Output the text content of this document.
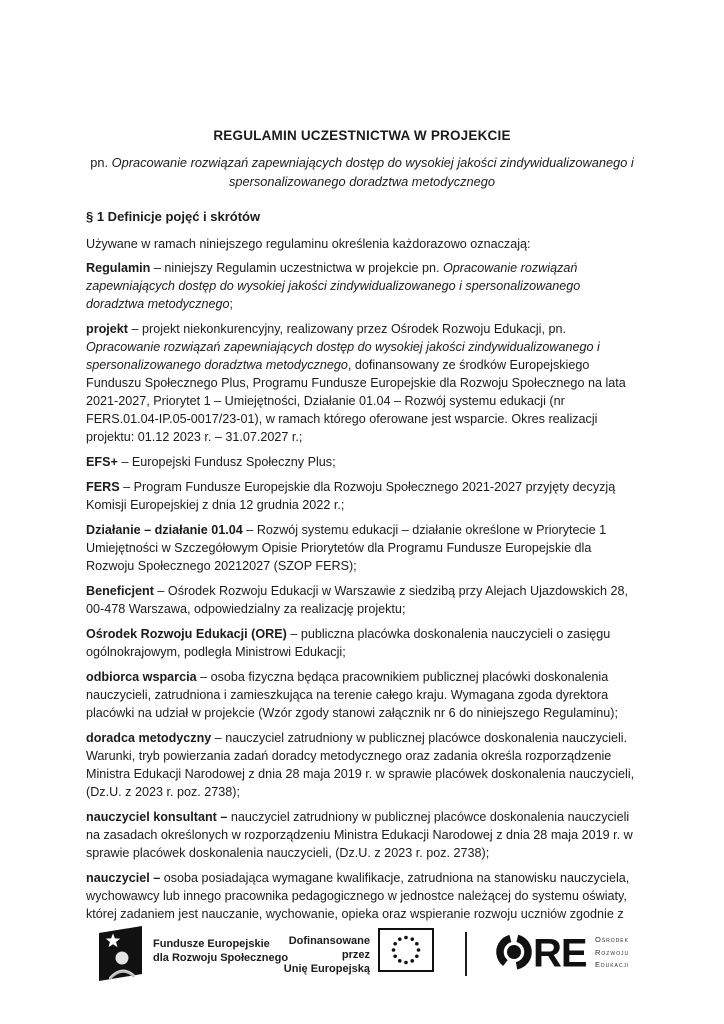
REGULAMIN UCZESTNICTWA W PROJEKCIE

pn. Opracowanie rozwiązań zapewniających dostęp do wysokiej jakości zindywidualizowanego i spersonalizowanego doradztwa metodycznego

§ 1 Definicje pojęć i skrótów

Używane w ramach niniejszego regulaminu określenia każdorazowo oznaczają:

Regulamin – niniejszy Regulamin uczestnictwa w projekcie pn. Opracowanie rozwiązań zapewniających dostęp do wysokiej jakości zindywidualizowanego i spersonalizowanego doradztwa metodycznego;

projekt – projekt niekonkurencyjny, realizowany przez Ośrodek Rozwoju Edukacji, pn. Opracowanie rozwiązań zapewniających dostęp do wysokiej jakości zindywidualizowanego i spersonalizowanego doradztwa metodycznego, dofinansowany ze środków Europejskiego Funduszu Społecznego Plus, Programu Fundusze Europejskie dla Rozwoju Społecznego na lata 2021-2027, Priorytet 1 – Umiejętności, Działanie 01.04 – Rozwój systemu edukacji (nr FERS.01.04-IP.05-0017/23-01), w ramach którego oferowane jest wsparcie. Okres realizacji projektu: 01.12 2023 r. – 31.07.2027 r.;

EFS+ – Europejski Fundusz Społeczny Plus;

FERS – Program Fundusze Europejskie dla Rozwoju Społecznego 2021-2027 przyjęty decyzją Komisji Europejskiej z dnia 12 grudnia 2022 r.;

Działanie – działanie 01.04 – Rozwój systemu edukacji – działanie określone w Priorytecie 1 Umiejętności w Szczegółowym Opisie Priorytetów dla Programu Fundusze Europejskie dla Rozwoju Społecznego 20212027 (SZOP FERS);

Beneficjent – Ośrodek Rozwoju Edukacji w Warszawie z siedzibą przy Alejach Ujazdowskich 28, 00-478 Warszawa, odpowiedzialny za realizację projektu;

Ośrodek Rozwoju Edukacji (ORE) – publiczna placówka doskonalenia nauczycieli o zasięgu ogólnokrajowym, podległa Ministrowi Edukacji;

odbiorca wsparcia – osoba fizyczna będąca pracownikiem publicznej placówki doskonalenia nauczycieli, zatrudniona i zamieszkująca na terenie całego kraju. Wymagana zgoda dyrektora placówki na udział w projekcie (Wzór zgody stanowi załącznik nr 6 do niniejszego Regulaminu);

doradca metodyczny – nauczyciel zatrudniony w publicznej placówce doskonalenia nauczycieli. Warunki, tryb powierzania zadań doradcy metodycznego oraz zadania określa rozporządzenie Ministra Edukacji Narodowej z dnia 28 maja 2019 r. w sprawie placówek doskonalenia nauczycieli, (Dz.U. z 2023 r. poz. 2738);

nauczyciel konsultant – nauczyciel zatrudniony w publicznej placówce doskonalenia nauczycieli na zasadach określonych w rozporządzeniu Ministra Edukacji Narodowej z dnia 28 maja 2019 r. w sprawie placówek doskonalenia nauczycieli, (Dz.U. z 2023 r. poz. 2738);

nauczyciel – osoba posiadająca wymagane kwalifikacje, zatrudniona na stanowisku nauczyciela, wychowawcy lub innego pracownika pedagogicznego w jednostce należącej do systemu oświaty, której zadaniem jest nauczanie, wychowanie, opieka oraz wspieranie rozwoju uczniów zgodnie z

Fundusze Europejskie
dla Rozwoju Społecznego
Dofinansowane przez
Unię Europejską	RE Ośrodek
Rozwoju
Edukacji
